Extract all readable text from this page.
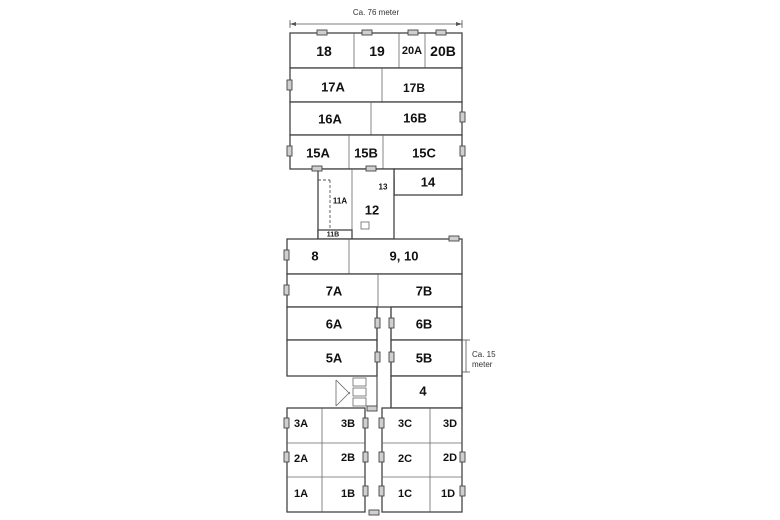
Ca. 76 meter
Ca. 15
meter
18	19 20A 20B
17A	17B
16A	16B
15A 15B	15C
14
13
12
11A
11B
8	9, 10
7A	7B
6A	6B
5A	5B
4
3A	3B	3C	3D
2A	2B	2C	2D
1A	1B	1C	1D
